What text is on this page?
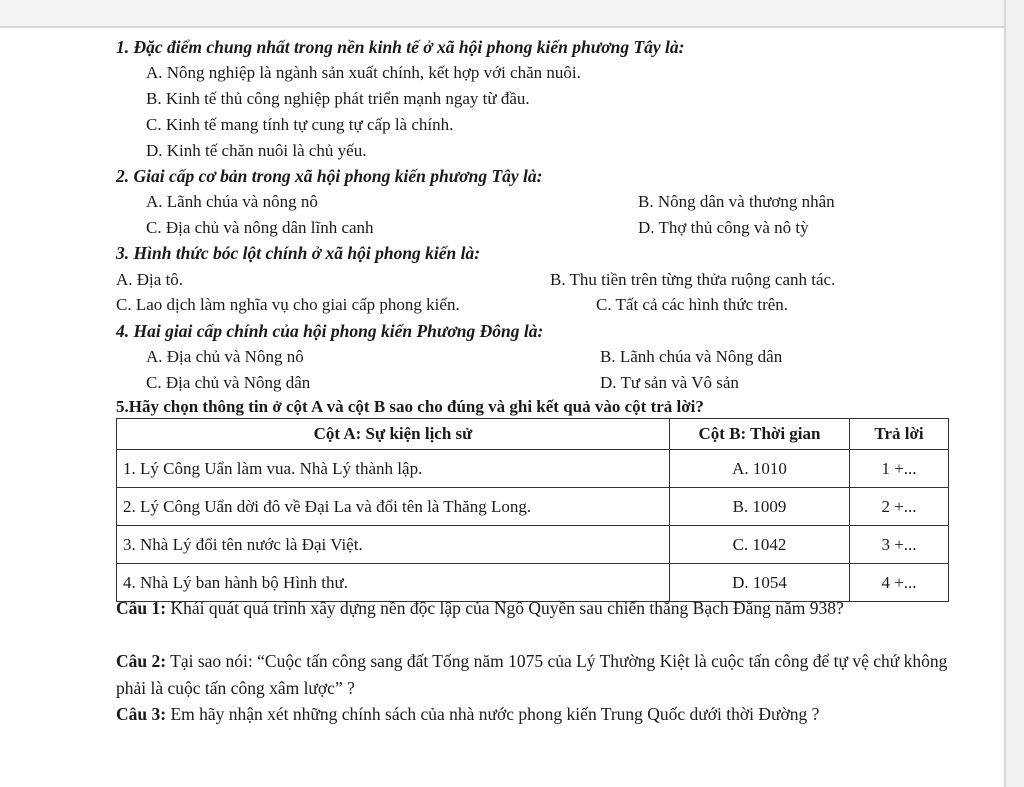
1. Đặc điểm chung nhất trong nền kinh tế ở xã hội phong kiến phương Tây là:
A. Nông nghiệp là ngành sản xuất chính, kết hợp với chăn nuôi.
B. Kinh tế thủ công nghiệp phát triển mạnh ngay từ đầu.
C. Kinh tế mang tính tự cung tự cấp là chính.
D. Kinh tế chăn nuôi là chủ yếu.
2. Giai cấp cơ bản trong xã hội phong kiến phương Tây là:
A. Lãnh chúa và nông nô	B. Nông dân và thương nhân
C. Địa chủ và nông dân lĩnh canh	D. Thợ thủ công và nô tỳ
3. Hình thức bóc lột chính ở xã hội phong kiến là:
A. Địa tô.	B. Thu tiền trên từng thửa ruộng canh tác.
C. Lao dịch làm nghĩa vụ cho giai cấp phong kiến.	C. Tất cả các hình thức trên.
4. Hai giai cấp chính của hội phong kiến Phương Đông là:
A. Địa chủ và Nông nô	B. Lãnh chúa và Nông dân
C. Địa chủ và Nông dân	D. Tư sản và Vô sản
5.Hãy chọn thông tin ở cột A và cột B sao cho đúng và ghi kết quả vào cột trả lời?
Cột A: Sự kiện lịch sử	Cột B: Thời gian	Trả lời
1. Lý Công Uẩn làm vua. Nhà Lý thành lập.	A. 1010	1 +...
2. Lý Công Uẩn dời đô về Đại La và đổi tên là Thăng Long.	B. 1009	2 +...
3. Nhà Lý đổi tên nước là Đại Việt.	C. 1042	3 +...
4. Nhà Lý ban hành bộ Hình thư.	D. 1054	4 +...
Câu 1: Khái quát quá trình xây dựng nền độc lập của Ngô Quyền sau chiến thắng Bạch Đằng năm 938?
Câu 2: Tại sao nói: “Cuộc tấn công sang đất Tống năm 1075 của Lý Thường Kiệt là cuộc tấn công để tự vệ chứ không phải là cuộc tấn công xâm lược” ?
Câu 3: Em hãy nhận xét những chính sách của nhà nước phong kiến Trung Quốc dưới thời Đường ?
